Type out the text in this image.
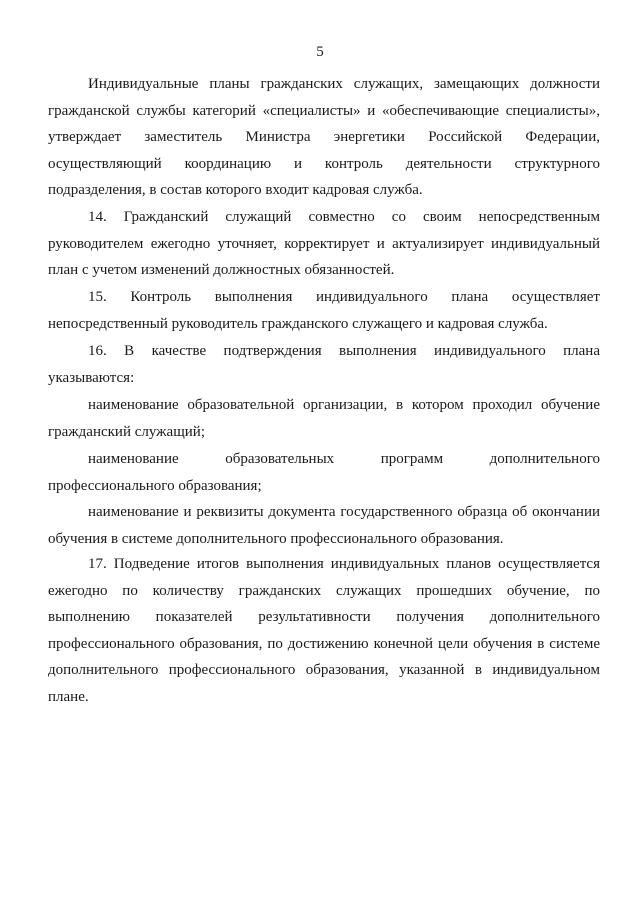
5
Индивидуальные планы гражданских служащих, замещающих должности
гражданской службы категорий «специалисты» и «обеспечивающие специалисты»,
утверждает заместитель Министра энергетики Российской Федерации,
осуществляющий координацию и контроль деятельности структурного
подразделения, в состав которого входит кадровая служба.
14. Гражданский служащий совместно со своим непосредственным
руководителем ежегодно уточняет, корректирует и актуализирует индивидуальный
план с учетом изменений должностных обязанностей.
15. Контроль выполнения индивидуального плана осуществляет
непосредственный руководитель гражданского служащего и кадровая служба.
16. В качестве подтверждения выполнения индивидуального плана
указываются:
наименование образовательной организации, в котором проходил обучение
гражданский служащий;
наименование образовательных программ дополнительного
профессионального образования;
наименование и реквизиты документа государственного образца об окончании
обучения в системе дополнительного профессионального образования.
17. Подведение итогов выполнения индивидуальных планов осуществляется
ежегодно по количеству гражданских служащих прошедших обучение, по
выполнению показателей результативности получения дополнительного
профессионального образования, по достижению конечной цели обучения в системе
дополнительного профессионального образования, указанной в индивидуальном
плане.
